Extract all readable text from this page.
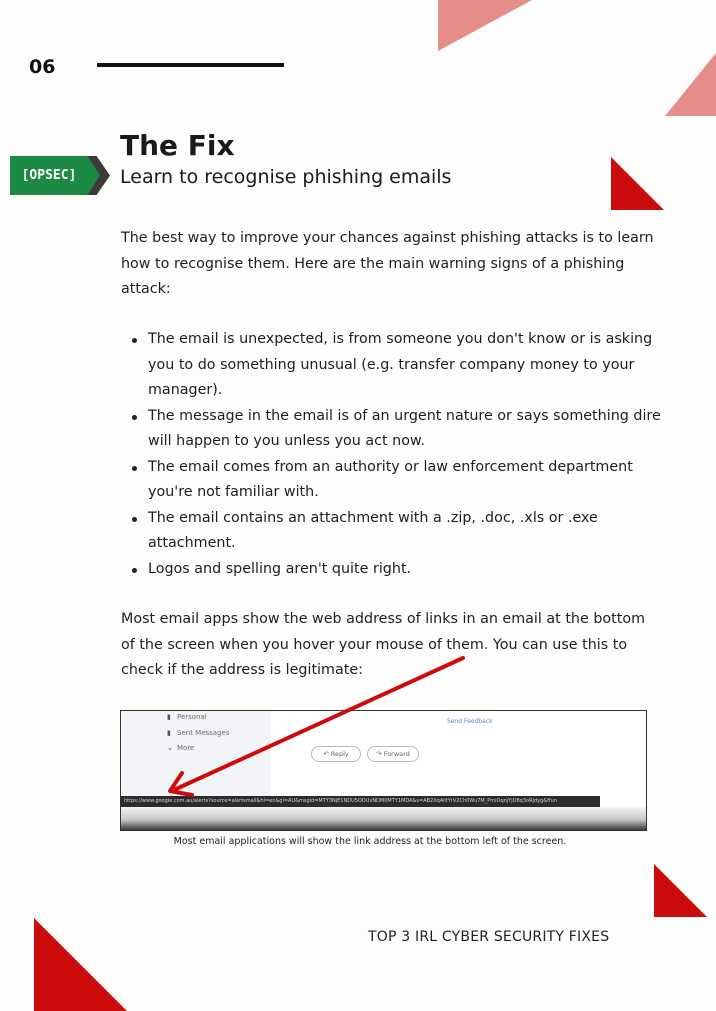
06
[OPSEC]
The Fix
Learn to recognise phishing emails
The best way to improve your chances against phishing attacks is to learn how to recognise them. Here are the main warning signs of a phishing attack:
The email is unexpected, is from someone you don't know or is asking you to do something unusual (e.g. transfer company money to your manager).
The message in the email is of an urgent nature or says something dire will happen to you unless you act now.
The email comes from an authority or law enforcement department you're not familiar with.
The email contains an attachment with a .zip, .doc, .xls or .exe attachment.
Logos and spelling aren't quite right.
Most email apps show the web address of links in an email at the bottom of the screen when you hover your mouse of them. You can use this to check if the address is legitimate:
▮ Personal
▮ Sent Messages
⌄ More
Send Feedback
↶ Reply	↷ Forward
https://www.google.com.au/alerts?source=alertsmail&hl=en&gl=AU&msgid=MTY3NjE1NDU5ODUxNDM0MTY1MDA&s=AB2Xq4iltYrV2Ch0Wu7M_PmiOqnjYjD8q3oRjdyg&ffun
Most email applications will show the link address at the bottom left of the screen.
TOP 3 IRL CYBER SECURITY FIXES
